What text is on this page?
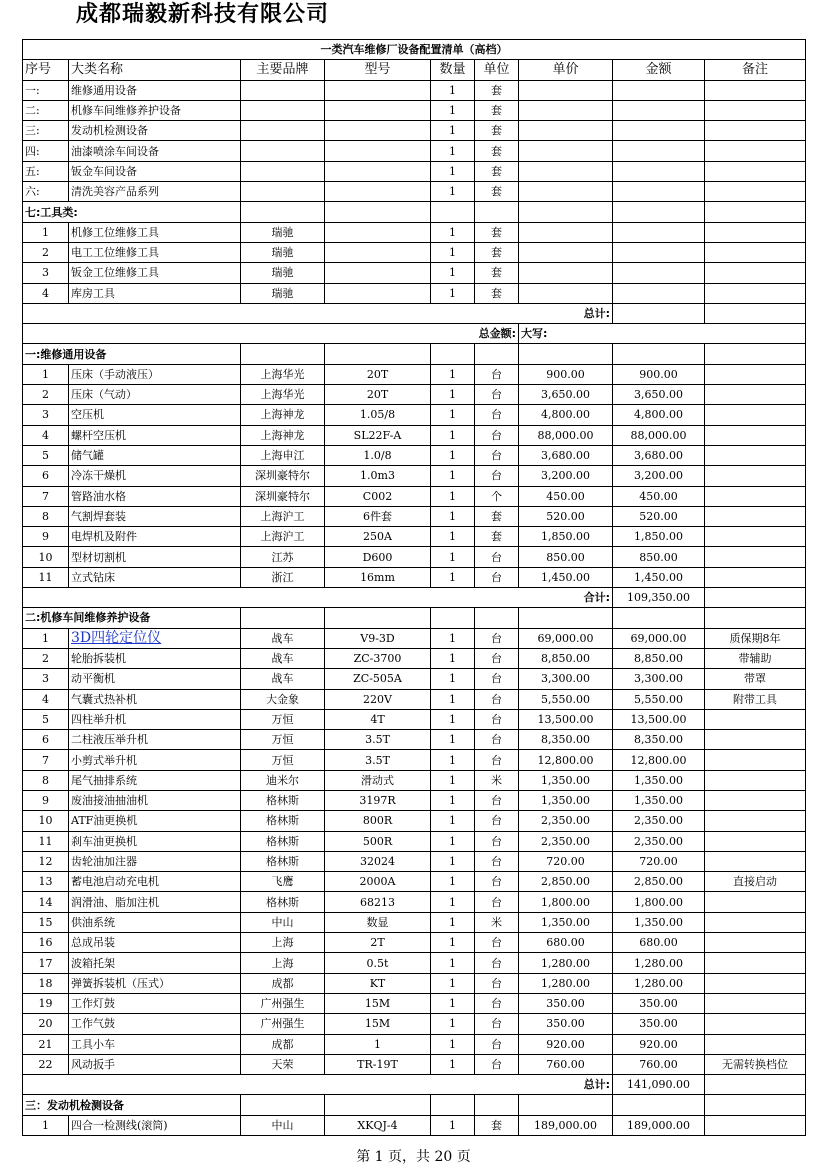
成都瑞毅新科技有限公司
一类汽车维修厂设备配置清单（高档）								
序号	大类名称	主要品牌	型号	数量	单位	单价	金额	备注
一:	维修通用设备			1	套			
二:	机修车间维修养护设备			1	套			
三:	发动机检测设备			1	套			
四:	油漆喷涂车间设备			1	套			
五:	钣金车间设备			1	套			
六:	清洗美容产品系列			1	套			
七:工具类:								
1	机修工位维修工具	瑞驰		1	套			
2	电工工位维修工具	瑞驰		1	套			
3	钣金工位维修工具	瑞驰		1	套			
4	库房工具	瑞驰		1	套			
总计:								
总金额:						大写:		
一:维修通用设备								
1	压床（手动液压）	上海华光	20T	1	台	900.00	900.00	
2	压床（气动）	上海华光	20T	1	台	3,650.00	3,650.00	
3	空压机	上海神龙	1.05/8	1	台	4,800.00	4,800.00	
4	螺杆空压机	上海神龙	SL22F-A	1	台	88,000.00	88,000.00	
5	储气罐	上海申江	1.0/8	1	台	3,680.00	3,680.00	
6	冷冻干燥机	深圳豪特尔	1.0m3	1	台	3,200.00	3,200.00	
7	管路油水格	深圳豪特尔	C002	1	个	450.00	450.00	
8	气割焊套装	上海沪工	6件套	1	套	520.00	520.00	
9	电焊机及附件	上海沪工	250A	1	套	1,850.00	1,850.00	
10	型材切割机	江苏	D600	1	台	850.00	850.00	
11	立式钻床	浙江	16mm	1	台	1,450.00	1,450.00	
合计:							109,350.00	
二:机修车间维修养护设备								
1	3D四轮定位仪	战车	V9-3D	1	台	69,000.00	69,000.00	质保期8年
2	轮胎拆装机	战车	ZC-3700	1	台	8,850.00	8,850.00	带辅助
3	动平衡机	战车	ZC-505A	1	台	3,300.00	3,300.00	带罩
4	气囊式热补机	大金象	220V	1	台	5,550.00	5,550.00	附带工具
5	四柱举升机	万恒	4T	1	台	13,500.00	13,500.00	
6	二柱液压举升机	万恒	3.5T	1	台	8,350.00	8,350.00	
7	小剪式举升机	万恒	3.5T	1	台	12,800.00	12,800.00	
8	尾气抽排系统	迪米尔	滑动式	1	米	1,350.00	1,350.00	
9	废油接油抽油机	格林斯	3197R	1	台	1,350.00	1,350.00	
10	ATF油更换机	格林斯	800R	1	台	2,350.00	2,350.00	
11	刹车油更换机	格林斯	500R	1	台	2,350.00	2,350.00	
12	齿轮油加注器	格林斯	32024	1	台	720.00	720.00	
13	蓄电池启动充电机	飞鹰	2000A	1	台	2,850.00	2,850.00	直接启动
14	润滑油、脂加注机	格林斯	68213	1	台	1,800.00	1,800.00	
15	供油系统	中山	数显	1	米	1,350.00	1,350.00	
16	总成吊装	上海	2T	1	台	680.00	680.00	
17	波箱托架	上海	0.5t	1	台	1,280.00	1,280.00	
18	弹簧拆装机（压式）	成都	KT	1	台	1,280.00	1,280.00	
19	工作灯鼓	广州强生	15M	1	台	350.00	350.00	
20	工作气鼓	广州强生	15M	1	台	350.00	350.00	
21	工具小车	成都	1	1	台	920.00	920.00	
22	风动扳手	天荣	TR-19T	1	台	760.00	760.00	无需转换档位
总计:							141,090.00	
三：发动机检测设备								
1	四合一检测线(滚筒)	中山	XKQJ-4	1	套	189,000.00	189,000.00	
第 1 页，共 20 页
